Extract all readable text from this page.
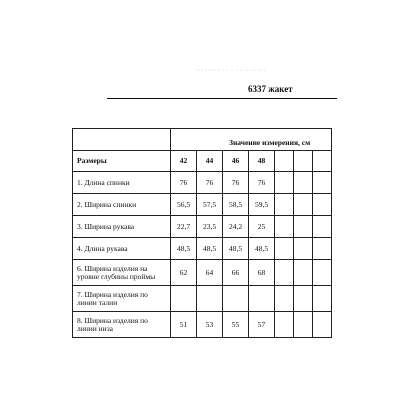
··· ···· · · · · · · ·· ·· ···
6337 жакет
	Значение измерения, см						
Размеры	42	44	46	48			
1. Длина спинки	76	76	76	76			
2. Ширина спинки	56,5	57,5	58,5	59,5			
3. Ширина рукава	22,7	23,5	24,2	25			
4. Длина рукава	48,5	48,5	48,5	48,5			
6. Ширина изделия на уровне глубины проймы	62	64	66	68			
7. Ширина изделия по линии талии							
8. Ширина изделия по линии низа	51	53	55	57			
